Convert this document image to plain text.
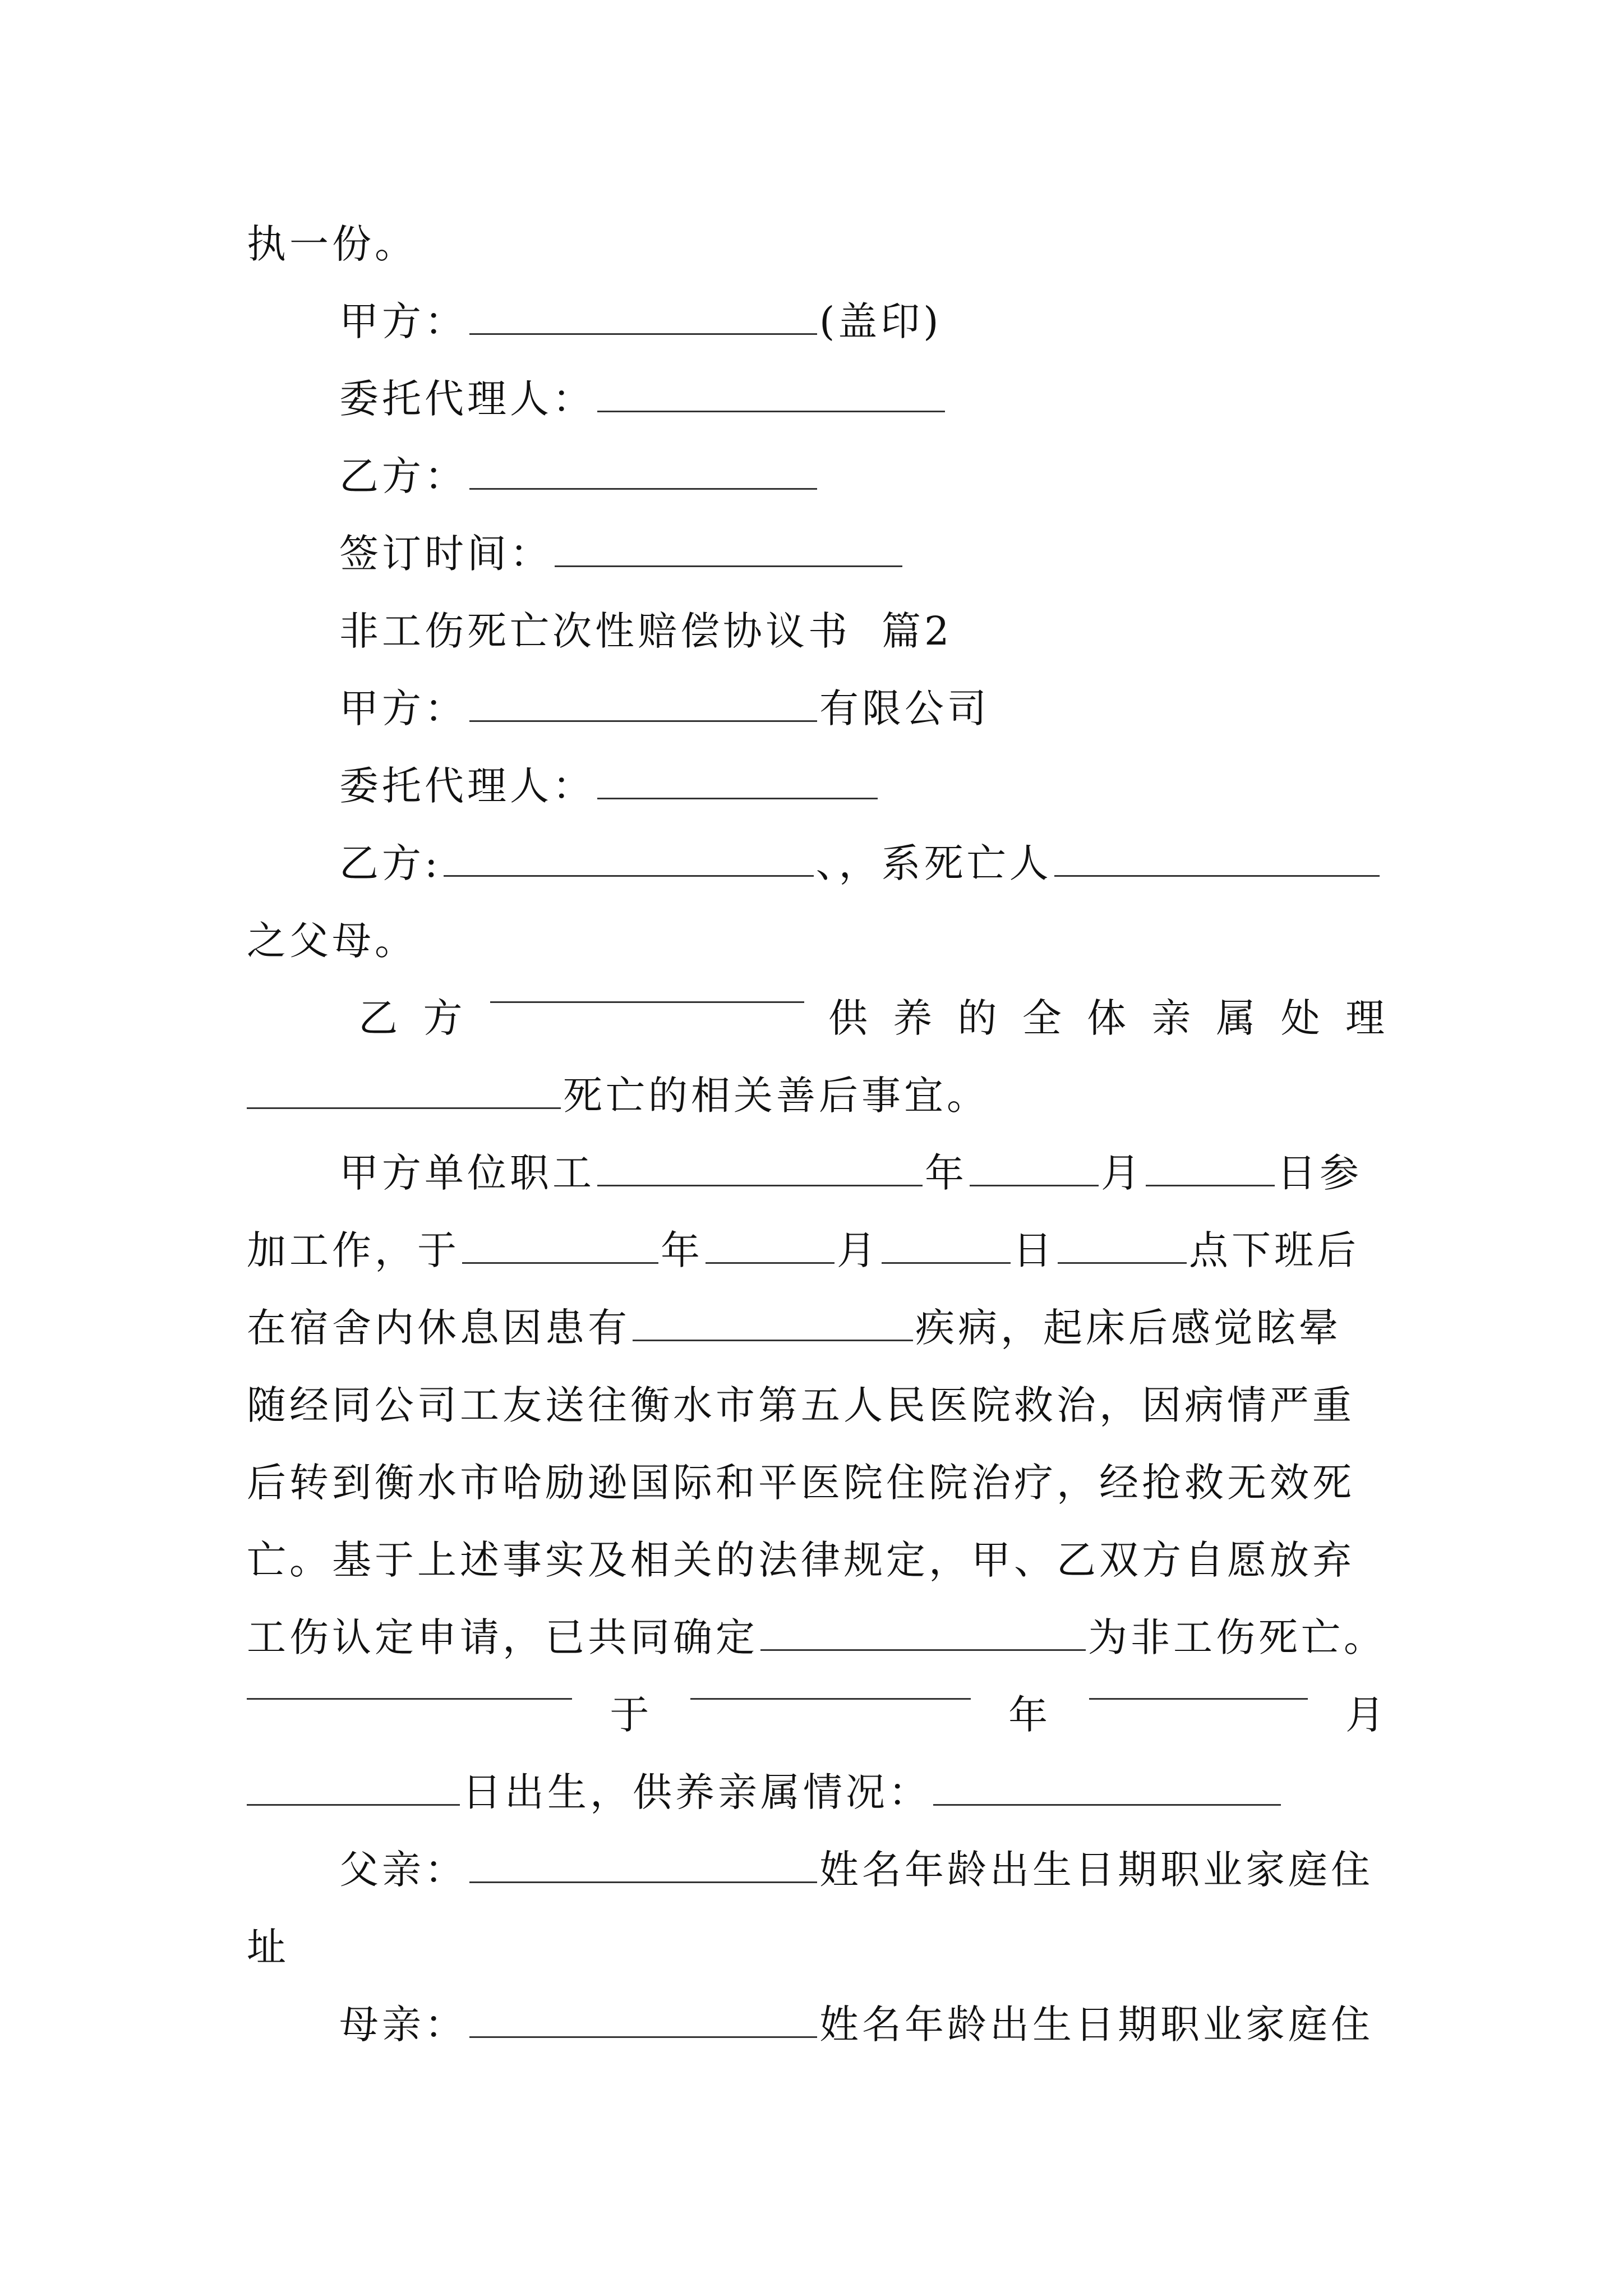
执一份。
甲方：	(盖印)
委托代理人：
乙方：
签订时间：
非工伤死亡次性赔偿协议书 篇2
甲方：	有限公司
委托代理人：
乙方:	、，系死亡人
之父母。
乙 方	供 养 的 全 体 亲 属 处 理
死亡的相关善后事宜。
甲方单位职工	年	月	日参
加工作，于	年	月	日	点下班后
在宿舍内休息因患有	疾病，起床后感觉眩晕
随经同公司工友送往衡水市第五人民医院救治，因病情严重
后转到衡水市哈励逊国际和平医院住院治疗，经抢救无效死
亡。基于上述事实及相关的法律规定，甲、乙双方自愿放弃
工伤认定申请，已共同确定	为非工伤死亡。
于	年	月
日出生，供养亲属情况：
父亲：	姓名年龄出生日期职业家庭住
址
母亲：	姓名年龄出生日期职业家庭住
